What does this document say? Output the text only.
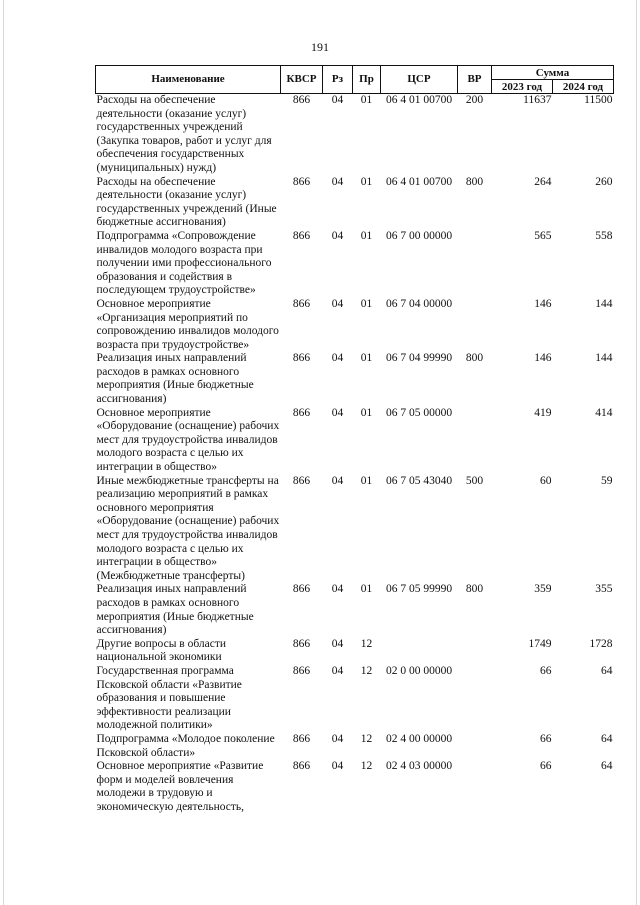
191
Наименование	КВСР	Рз	Пр	ЦСР	ВР	Сумма	
						2023 год	2024 год
Расходы на обеспечение деятельности (оказание услуг) государственных учреждений (Закупка товаров, работ и услуг для обеспечения государственных (муниципальных) нужд)	866	04	01	06 4 01 00700	200	11637	11500
Расходы на обеспечение деятельности (оказание услуг) государственных учреждений (Иные бюджетные ассигнования)	866	04	01	06 4 01 00700	800	264	260
Подпрограмма «Сопровождение инвалидов молодого возраста при получении ими профессионального образования и содействия в последующем трудоустройстве»	866	04	01	06 7 00 00000		565	558
Основное мероприятие «Организация мероприятий по сопровождению инвалидов молодого возраста при трудоустройстве»	866	04	01	06 7 04 00000		146	144
Реализация иных направлений расходов в рамках основного мероприятия (Иные бюджетные ассигнования)	866	04	01	06 7 04 99990	800	146	144
Основное мероприятие «Оборудование (оснащение) рабочих мест для трудоустройства инвалидов молодого возраста с целью их интеграции в общество»	866	04	01	06 7 05 00000		419	414
Иные межбюджетные трансферты на реализацию мероприятий в рамках основного мероприятия «Оборудование (оснащение) рабочих мест для трудоустройства инвалидов молодого возраста с целью их интеграции в общество» (Межбюджетные трансферты)	866	04	01	06 7 05 43040	500	60	59
Реализация иных направлений расходов в рамках основного мероприятия (Иные бюджетные ассигнования)	866	04	01	06 7 05 99990	800	359	355
Другие вопросы в области национальной экономики	866	04	12			1749	1728
Государственная программа Псковской области «Развитие образования и повышение эффективности реализации молодежной политики»	866	04	12	02 0 00 00000		66	64
Подпрограмма «Молодое поколение Псковской области»	866	04	12	02 4 00 00000		66	64
Основное мероприятие «Развитие форм и моделей вовлечения молодежи в трудовую и экономическую деятельность,	866	04	12	02 4 03 00000		66	64
